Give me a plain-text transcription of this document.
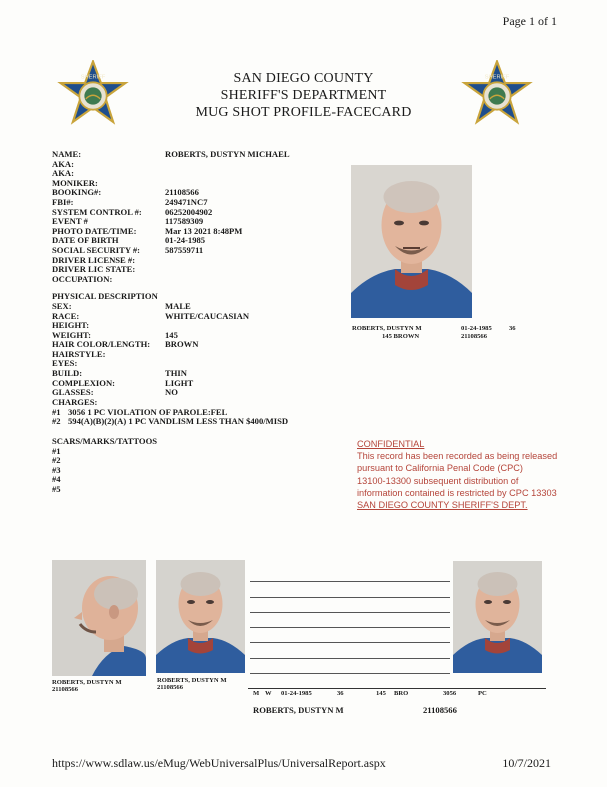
Page 1 of 1
SHERIFF	SHERIFF
SAN DIEGO COUNTY
SHERIFF'S DEPARTMENT
MUG SHOT PROFILE-FACECARD
NAME:	ROBERTS, DUSTYN MICHAEL
AKA:
AKA:
MONIKER:
BOOKING#:	21108566
FBI#:	249471NC7
SYSTEM CONTROL #:	06252004902
EVENT #	117589309
PHOTO DATE/TIME:	Mar 13 2021 8:48PM
DATE OF BIRTH	01-24-1985
SOCIAL SECURITY #:	587559711
DRIVER LICENSE #:
DRIVER LIC STATE:
OCCUPATION:
PHYSICAL DESCRIPTION
SEX:	MALE
RACE:	WHITE/CAUCASIAN
HEIGHT:
WEIGHT:	145
HAIR COLOR/LENGTH:	BROWN
HAIRSTYLE:
EYES:
BUILD:	THIN
COMPLEXION:	LIGHT
GLASSES:	NO
CHARGES:
#1 3056 1 PC VIOLATION OF PAROLE:FEL
#2 594(A)(B)(2)(A) 1 PC VANDLISM LESS THAN $400/MISD
SCARS/MARKS/TATTOOS
#1
#2
#3
#4
#5
ROBERTS, DUSTYN M
145 BROWN
01-24-1985	36
21108566
CONFIDENTIAL
This record has been recorded as being released
pursuant to California Penal Code (CPC)
13100-13300 subsequent distribution of
information contained is restricted by CPC 13303
SAN DIEGO COUNTY SHERIFF'S DEPT.
ROBERTS, DUSTYN M
21108566
ROBERTS, DUSTYN M
21108566
M W 01-24-1985	36	145 BRO	3056	PC
ROBERTS, DUSTYN M	21108566
https://www.sdlaw.us/eMug/WebUniversalPlus/UniversalReport.aspx	10/7/2021
